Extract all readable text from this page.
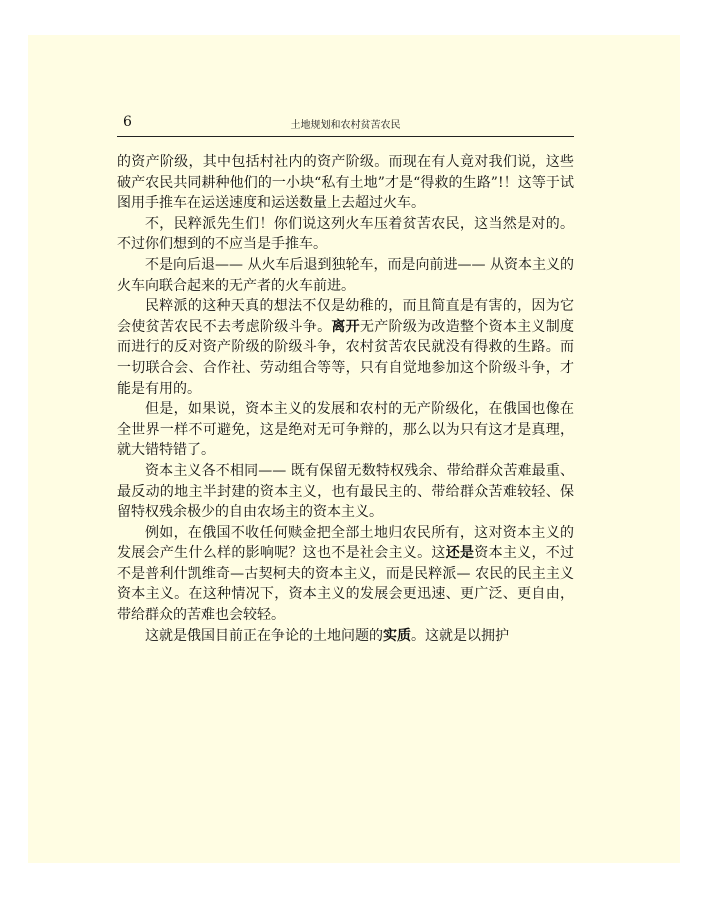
6	土地规划和农村贫苦农民

的资产阶级，其中包括村社内的资产阶级。而现在有人竟对我们说，这些破产农民共同耕种他们的一小块“私有土地”才是“得救的生路”!！这等于试图用手推车在运送速度和运送数量上去超过火车。

不，民粹派先生们！你们说这列火车压着贫苦农民，这当然是对的。不过你们想到的不应当是手推车。

不是向后退—— 从火车后退到独轮车，而是向前进—— 从资本主义的火车向联合起来的无产者的火车前进。

民粹派的这种天真的想法不仅是幼稚的，而且简直是有害的，因为它会使贫苦农民不去考虑阶级斗争。离开无产阶级为改造整个资本主义制度而进行的反对资产阶级的阶级斗争，农村贫苦农民就没有得救的生路。而一切联合会、合作社、劳动组合等等，只有自觉地参加这个阶级斗争，才能是有用的。

但是，如果说，资本主义的发展和农村的无产阶级化，在俄国也像在全世界一样不可避免，这是绝对无可争辩的，那么以为只有这才是真理，就大错特错了。

资本主义各不相同—— 既有保留无数特权残余、带给群众苦难最重、最反动的地主半封建的资本主义，也有最民主的、带给群众苦难较轻、保留特权残余极少的自由农场主的资本主义。

例如，在俄国不收任何赎金把全部土地归农民所有，这对资本主义的发展会产生什么样的影响呢？这也不是社会主义。这还是资本主义，不过不是普利什凯维奇—古契柯夫的资本主义，而是民粹派— 农民的民主主义资本主义。在这种情况下，资本主义的发展会更迅速、更广泛、更自由，带给群众的苦难也会较轻。

这就是俄国目前正在争论的土地问题的实质。这就是以拥护
